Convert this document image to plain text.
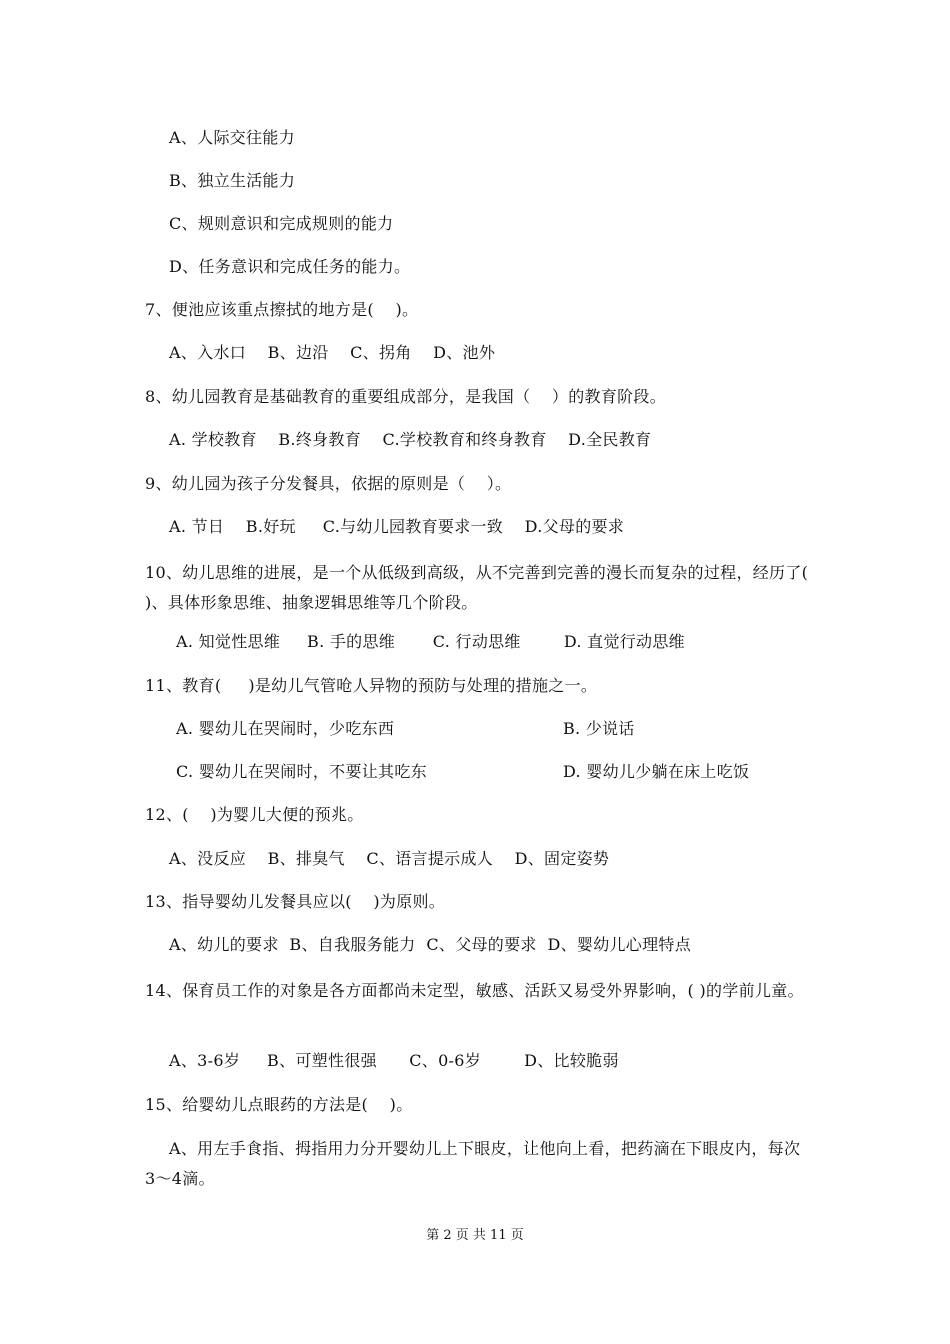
A、人际交往能力
B、独立生活能力
C、规则意识和完成规则的能力
D、任务意识和完成任务的能力。
7、便池应该重点擦拭的地方是(    )。
A、入水口    B、边沿    C、拐角    D、池外
8、幼儿园教育是基础教育的重要组成部分，是我国（    ）的教育阶段。
A. 学校教育    B.终身教育    C.学校教育和终身教育    D.全民教育
9、幼儿园为孩子分发餐具，依据的原则是（    ）。
A. 节日    B.好玩     C.与幼儿园教育要求一致    D.父母的要求
10、幼儿思维的进展，是一个从低级到高级，从不完善到完善的漫长而复杂的过程，经历了( )、具体形象思维、抽象逻辑思维等几个阶段。
A. 知觉性思维     B. 手的思维       C. 行动思维        D. 直觉行动思维
11、教育(     )是幼儿气管呛人异物的预防与处理的措施之一。
A. 婴幼儿在哭闹时，少吃东西	B. 少说话
C. 婴幼儿在哭闹时，不要让其吃东	D. 婴幼儿少躺在床上吃饭
12、(    )为婴儿大便的预兆。
A、没反应    B、排臭气    C、语言提示成人    D、固定姿势
13、指导婴幼儿发餐具应以(    )为原则。
A、幼儿的要求  B、自我服务能力  C、父母的要求  D、婴幼儿心理特点
14、保育员工作的对象是各方面都尚未定型，敏感、活跃又易受外界影响，( )的学前儿童。
A、3-6岁     B、可塑性很强      C、0-6岁        D、比较脆弱
15、给婴幼儿点眼药的方法是(    )。
A、用左手食指、拇指用力分开婴幼儿上下眼皮，让他向上看，把药滴在下眼皮内，每次3～4滴。
第 2 页 共 11 页
